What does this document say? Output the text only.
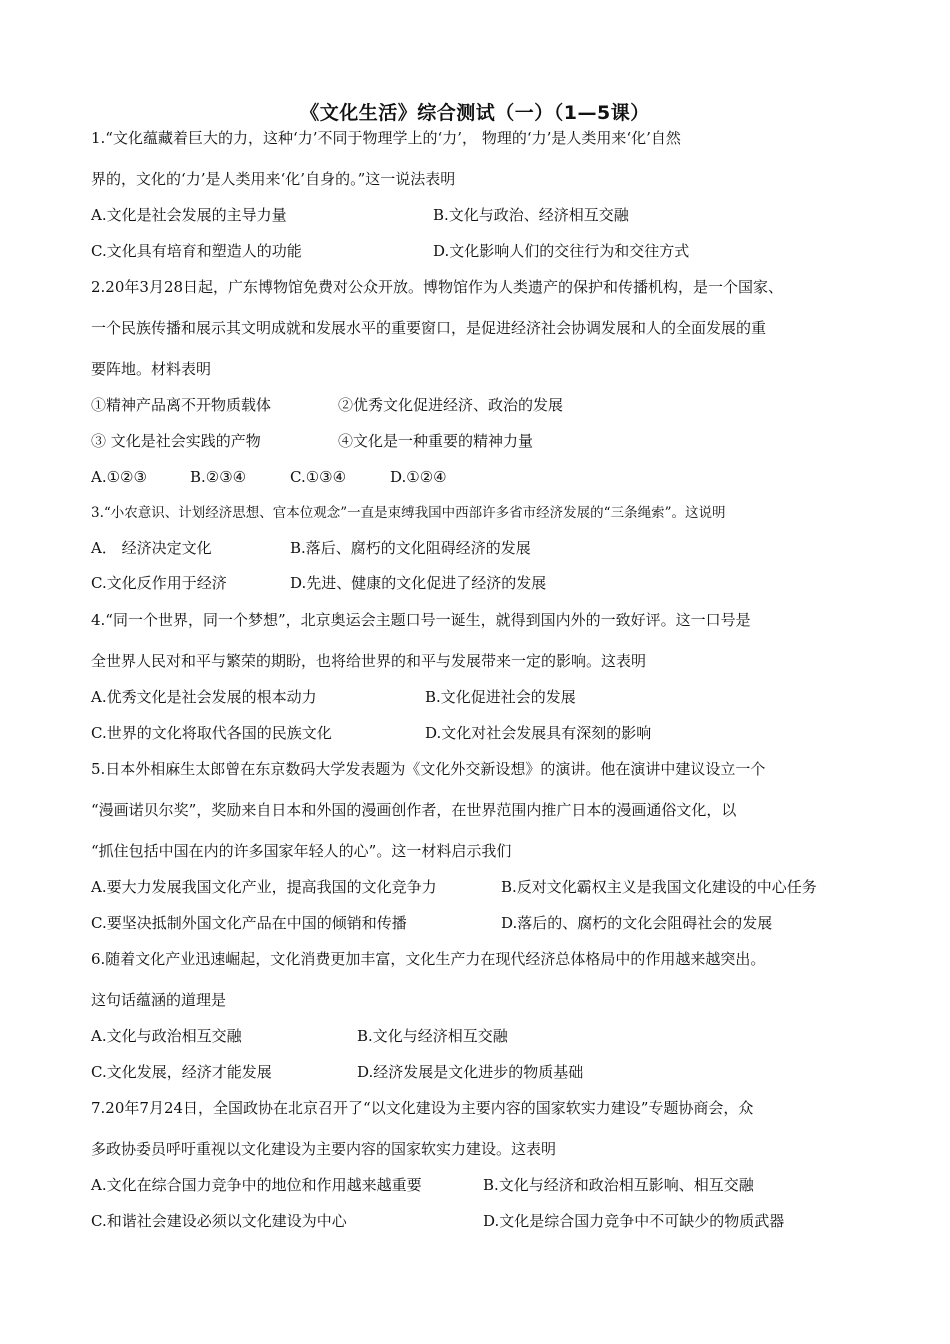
《文化生活》综合测试（一）（1—5课）
1.“文化蕴藏着巨大的力，这种‘力’不同于物理学上的‘力’， 物理的‘力’是人类用来‘化’自然
界的，文化的‘力’是人类用来‘化’自身的。”这一说法表明
A.文化是社会发展的主导力量	B.文化与政治、经济相互交融
C.文化具有培育和塑造人的功能	D.文化影响人们的交往行为和交往方式
2.20年3月28日起，广东博物馆免费对公众开放。博物馆作为人类遗产的保护和传播机构，是一个国家、
一个民族传播和展示其文明成就和发展水平的重要窗口，是促进经济社会协调发展和人的全面发展的重
要阵地。材料表明
①精神产品离不开物质载体	②优秀文化促进经济、政治的发展
③ 文化是社会实践的产物	④文化是一种重要的精神力量
A.①②③	B.②③④	C.①③④	D.①②④
3.“小农意识、计划经济思想、官本位观念”一直是束缚我国中西部许多省市经济发展的“三条绳索”。这说明
A． 经济决定文化	B.落后、腐朽的文化阻碍经济的发展
C.文化反作用于经济	D.先进、健康的文化促进了经济的发展
4.“同一个世界，同一个梦想”，北京奥运会主题口号一诞生，就得到国内外的一致好评。这一口号是
全世界人民对和平与繁荣的期盼，也将给世界的和平与发展带来一定的影响。这表明
A.优秀文化是社会发展的根本动力	B.文化促进社会的发展
C.世界的文化将取代各国的民族文化	D.文化对社会发展具有深刻的影响
5.日本外相麻生太郎曾在东京数码大学发表题为《文化外交新设想》的演讲。他在演讲中建议设立一个
“漫画诺贝尔奖”，奖励来自日本和外国的漫画创作者，在世界范围内推广日本的漫画通俗文化，以
“抓住包括中国在内的许多国家年轻人的心”。这一材料启示我们
A.要大力发展我国文化产业，提高我国的文化竞争力	B.反对文化霸权主义是我国文化建设的中心任务
C.要坚决抵制外国文化产品在中国的倾销和传播	D.落后的、腐朽的文化会阻碍社会的发展
6.随着文化产业迅速崛起，文化消费更加丰富，文化生产力在现代经济总体格局中的作用越来越突出。
这句话蕴涵的道理是
A.文化与政治相互交融	B.文化与经济相互交融
C.文化发展，经济才能发展	D.经济发展是文化进步的物质基础
7.20年7月24日，全国政协在北京召开了“以文化建设为主要内容的国家软实力建设”专题协商会，众
多政协委员呼吁重视以文化建设为主要内容的国家软实力建设。这表明
A.文化在综合国力竞争中的地位和作用越来越重要	B.文化与经济和政治相互影响、相互交融
C.和谐社会建设必须以文化建设为中心	D.文化是综合国力竞争中不可缺少的物质武器
